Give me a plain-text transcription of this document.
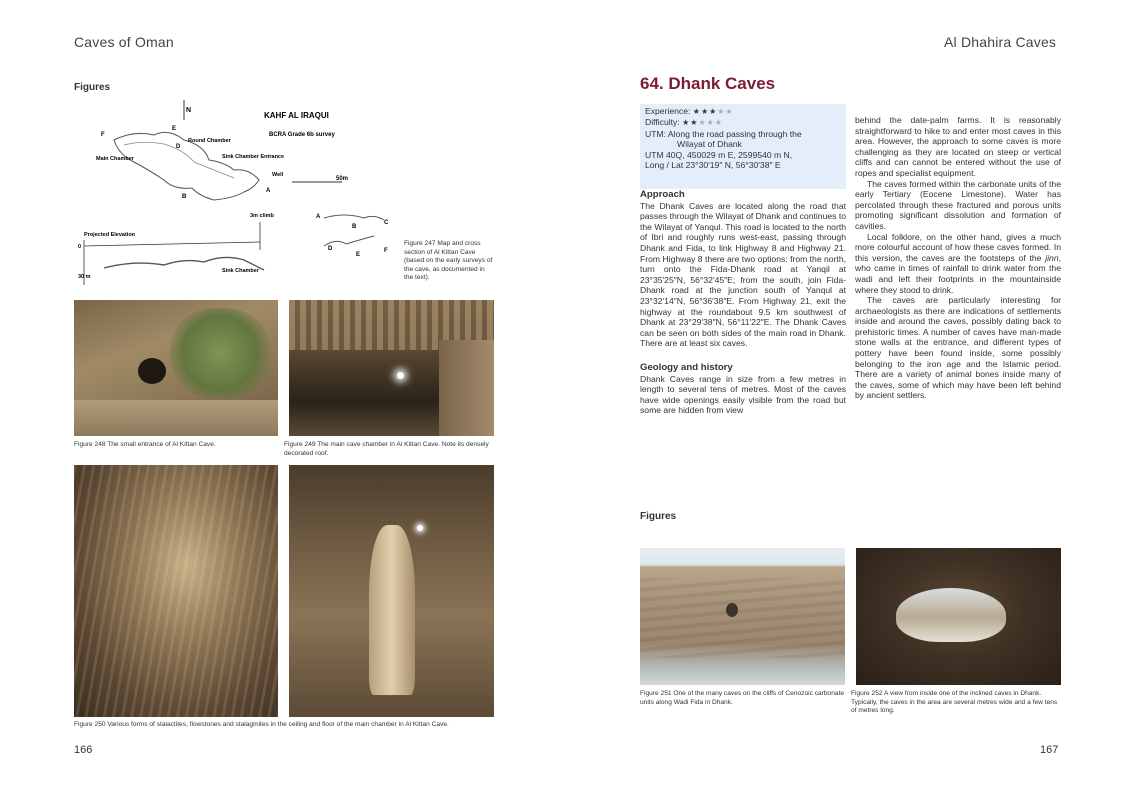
Caves of Oman
Figures
N
KAHF AL IRAQUI
BCRA Grade 6b survey
F
E
D
B
A
Round Chamber
Sink Chamber Entrance
Main Chamber
Well
50m
3m climb
Projected Elevation
0
30 m
Sink Chamber
A
B
C
D
E
F
Figure 247 Map and cross section of Al Kittan Cave (based on the early surveys of the cave, as documented in the text).
Figure 248 The small entrance of Al Kittan Cave.	Figure 249 The main cave chamber in Al Kittan Cave. Note its densely decorated roof.
Figure 250 Various forms of stalactites, flowstones and stalagmites in the ceiling and floor of the main chamber in Al Kittan Cave.
166
Al Dhahira Caves
64. Dhank Caves
Experience: ★★★★★
Difficulty: ★★★★★
UTM: Along the road passing through the
Wilayat of Dhank
UTM 40Q, 450029 m E, 2599540 m N,
Long / Lat 23°30′19″ N, 56°30′38″ E
Approach

The Dhank Caves are located along the road that passes through the Wilayat of Dhank and continues to the Wilayat of Yanqul. This road is located to the north of Ibri and roughly runs west-east, passing through Dhank and Fida, to link Highway 8 and Highway 21. From Highway 8 there are two options: from the north, turn onto the Fida-Dhank road at Yanqil at 23°35′25″N, 56°32′45″E; from the south, join Fida-Dhank road at the junction south of Yanqul at 23°32′14″N, 56°36′38″E. From Highway 21, exit the highway at the roundabout 9.5 km southwest of Dhank at 23°29′38″N, 56°11′22″E. The Dhank Caves can be seen on both sides of the main road in Dhank. There are at least six caves.

Geology and history

Dhank Caves range in size from a few metres in length to several tens of metres. Most of the caves have wide openings easily visible from the road but some are hidden from view

behind the date-palm farms. It is reasonably straightforward to hike to and enter most caves in this area. However, the approach to some caves is more challenging as they are located on steep or vertical cliffs and can cannot be entered without the use of ropes and specialist equipment.

The caves formed within the carbonate units of the early Tertiary (Eocene Limestone). Water has percolated through these fractured and porous units promoting significant dissolution and formation of cavities.

Local folklore, on the other hand, gives a much more colourful account of how these caves formed. In this version, the caves are the footsteps of the jinn, who came in times of rainfall to drink water from the wadi and left their footprints in the mountainside where they stood to drink.

The caves are particularly interesting for archaeologists as there are indications of settlements inside and around the caves, possibly dating back to prehistoric times. A number of caves have man-made stone walls at the entrance, and different types of pottery have been found inside, some possibly belonging to the iron age and the Islamic period. There are a variety of animal bones inside many of the caves, some of which may have been left behind by ancient settlers.

Figures
Figure 251 One of the many caves on the cliffs of Cenozoic carbonate units along Wadi Fida in Dhank.
Figure 252 A view from inside one of the inclined caves in Dhank. Typically, the caves in the area are several metres wide and a few tens of metres long.
167
